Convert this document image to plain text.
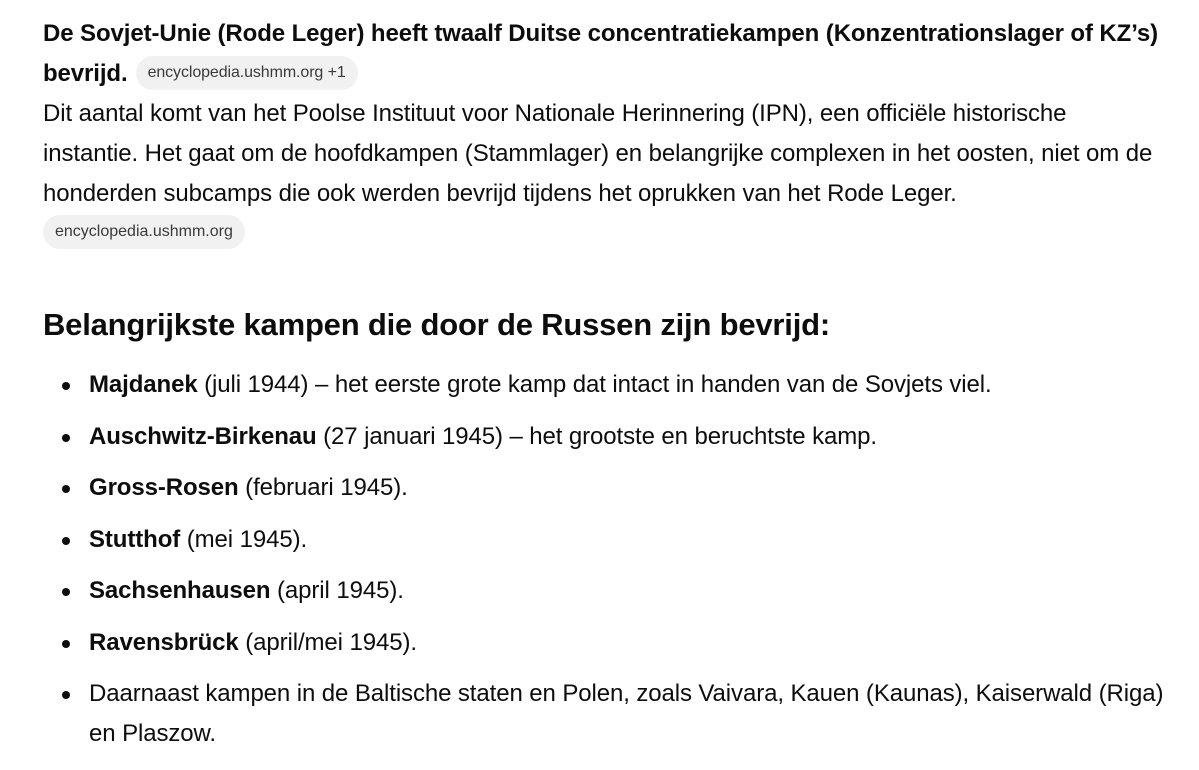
De Sovjet-Unie (Rode Leger) heeft twaalf Duitse concentratiekampen (Konzentrationslager of KZ’s) bevrijd. encyclopedia.ushmm.org +1

Dit aantal komt van het Poolse Instituut voor Nationale Herinnering (IPN), een officiële historische instantie. Het gaat om de hoofdkampen (Stammlager) en belangrijke complexen in het oosten, niet om de honderden subcamps die ook werden bevrijd tijdens het oprukken van het Rode Leger.

encyclopedia.ushmm.org
Belangrijkste kampen die door de Russen zijn bevrijd:
Majdanek (juli 1944) – het eerste grote kamp dat intact in handen van de Sovjets viel.
Auschwitz-Birkenau (27 januari 1945) – het grootste en beruchtste kamp.
Gross-Rosen (februari 1945).
Stutthof (mei 1945).
Sachsenhausen (april 1945).
Ravensbrück (april/mei 1945).
Daarnaast kampen in de Baltische staten en Polen, zoals Vaivara, Kauen (Kaunas), Kaiserwald (Riga) en Plaszow.
